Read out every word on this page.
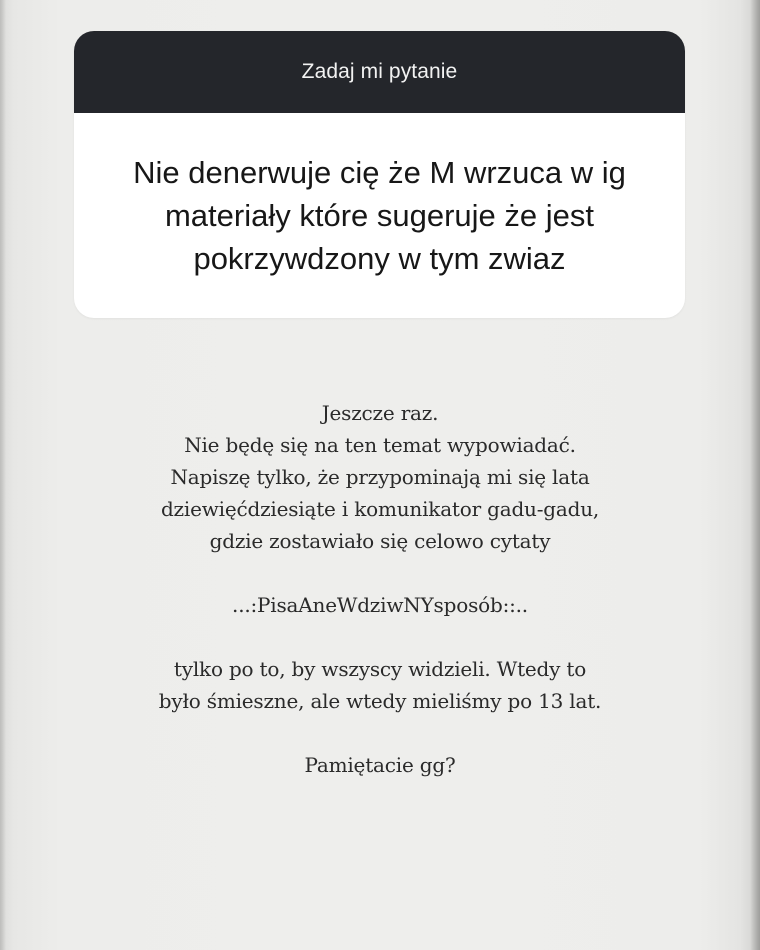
Zadaj mi pytanie

Nie denerwuje cię że M wrzuca w ig
materiały które sugeruje że jest
pokrzywdzony w tym zwiaz

Jeszcze raz.
Nie będę się na ten temat wypowiadać.
Napiszę tylko, że przypominają mi się lata
dziewięćdziesiąte i komunikator gadu-gadu,
gdzie zostawiało się celowo cytaty

...:PisaAneWdziwNYsposób::..

tylko po to, by wszyscy widzieli. Wtedy to
było śmieszne, ale wtedy mieliśmy po 13 lat.

Pamiętacie gg?
